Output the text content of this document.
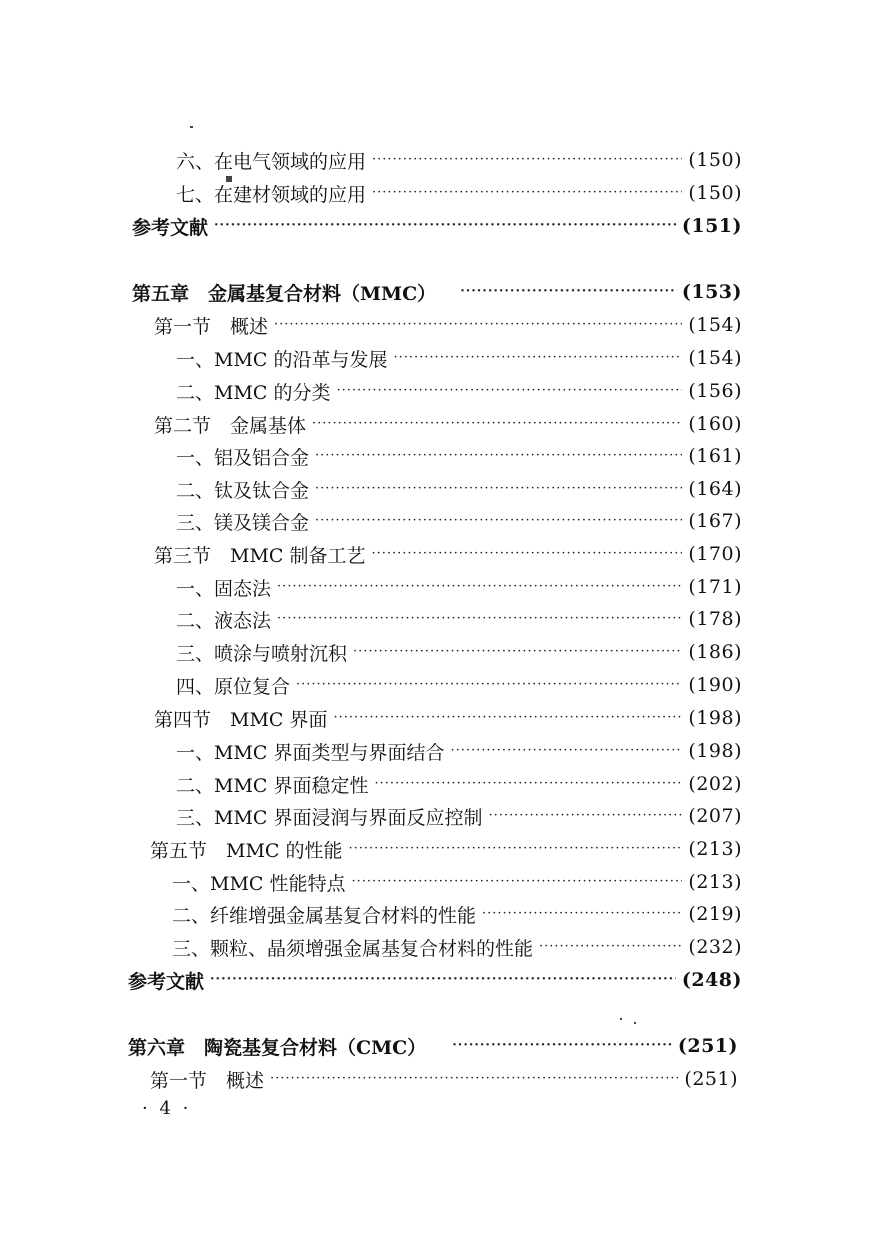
六、在电气领域的应用 ·····	(150)
七、在建材领域的应用 ·····	(150)
参考文献 ·····	(151)
第五章　金属基复合材料（MMC） ·····	(153)
第一节　概述 ·····	(154)
一、MMC 的沿革与发展 ·····	(154)
二、MMC 的分类 ·····	(156)
第二节　金属基体 ·····	(160)
一、铝及铝合金 ·····	(161)
二、钛及钛合金 ·····	(164)
三、镁及镁合金 ·····	(167)
第三节　MMC 制备工艺 ·····	(170)
一、固态法 ·····	(171)
二、液态法 ·····	(178)
三、喷涂与喷射沉积 ·····	(186)
四、原位复合 ·····	(190)
第四节　MMC 界面 ·····	(198)
一、MMC 界面类型与界面结合 ·····	(198)
二、MMC 界面稳定性 ·····	(202)
三、MMC 界面浸润与界面反应控制 ·····	(207)
第五节　MMC 的性能 ·····	(213)
一、MMC 性能特点 ·····	(213)
二、纤维增强金属基复合材料的性能 ·····	(219)
三、颗粒、晶须增强金属基复合材料的性能 ·····	(232)
参考文献 ·····	(248)
第六章　陶瓷基复合材料（CMC） ·····	(251)
第一节　概述 ·····	(251)
· 4 ·
